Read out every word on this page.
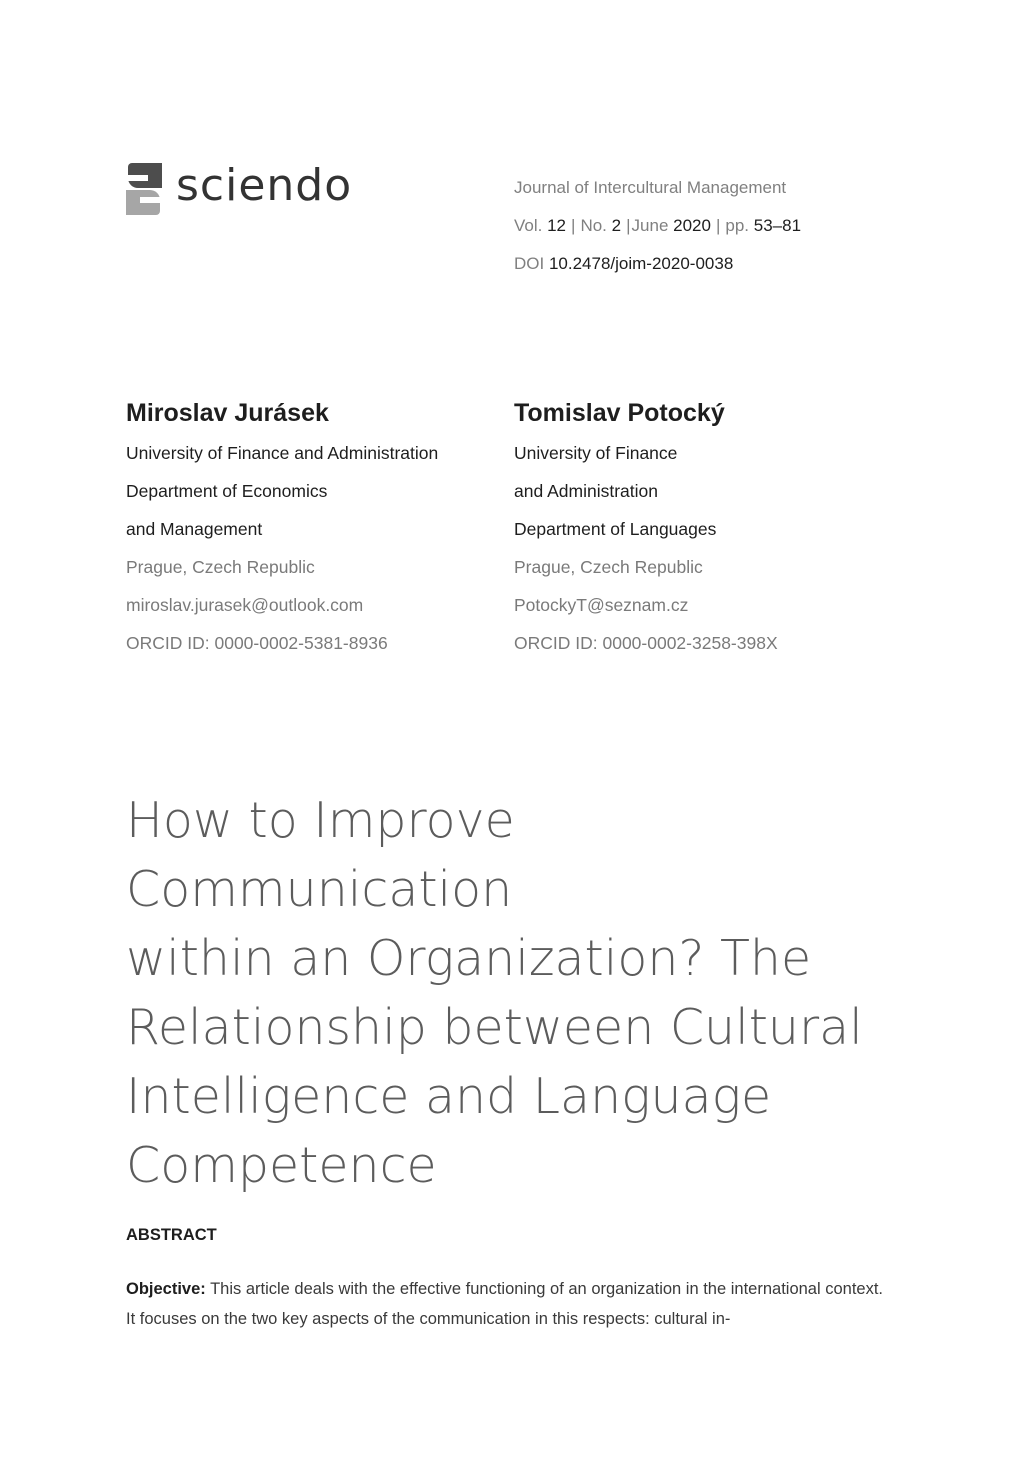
sciendo	Journal of Intercultural Management
Vol. 12 | No. 2 |June 2020 | pp. 53–81
DOI 10.2478/joim-2020-0038
Miroslav Jurásek
University of Finance and Administration
Department of Economics
and Management
Prague, Czech Republic
miroslav.jurasek@outlook.com
ORCID ID: 0000-0002-5381-8936
Tomislav Potocký
University of Finance
and Administration
Department of Languages
Prague, Czech Republic
PotockyT@seznam.cz
ORCID ID: 0000-0002-3258-398X
How to Improve Communication
within an Organization? The
Relationship between Cultural
Intelligence and Language
Competence
ABSTRACT
Objective: This article deals with the effective functioning of an organization in the international context. It focuses on the two key aspects of the communication in this respects: cultural in-
